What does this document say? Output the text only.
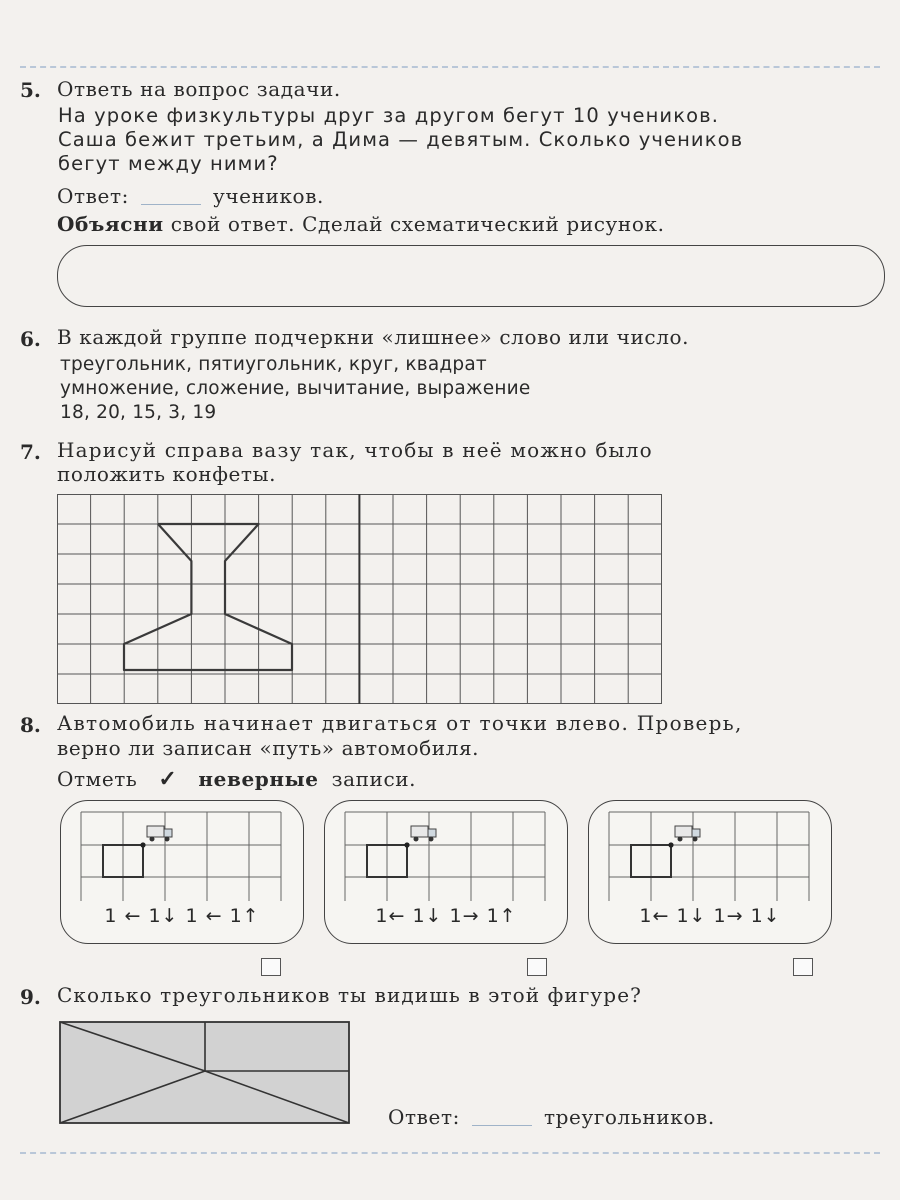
5. Ответь на вопрос задачи.
На уроке физкультуры друг за другом бегут 10 учеников.
Саша бежит третьим, а Дима — девятым. Сколько учеников
бегут между ними?
Ответ:	учеников.
Объясни свой ответ. Сделай схематический рисунок.
6. В каждой группе подчеркни «лишнее» слово или число.
треугольник, пятиугольник, круг, квадрат
умножение, сложение, вычитание, выражение
18, 20, 15, 3, 19
7. Нарисуй справа вазу так, чтобы в неё можно было
положить конфеты.
8. Автомобиль начинает двигаться от точки влево. Проверь,
верно ли записан «путь» автомобиля.
Отметь ✓ неверные записи.
1 ← 1↓ 1 ← 1↑	1← 1↓ 1→ 1↑	1← 1↓ 1→ 1↓
9. Сколько треугольников ты видишь в этой фигуре?
Ответ:	треугольников.
